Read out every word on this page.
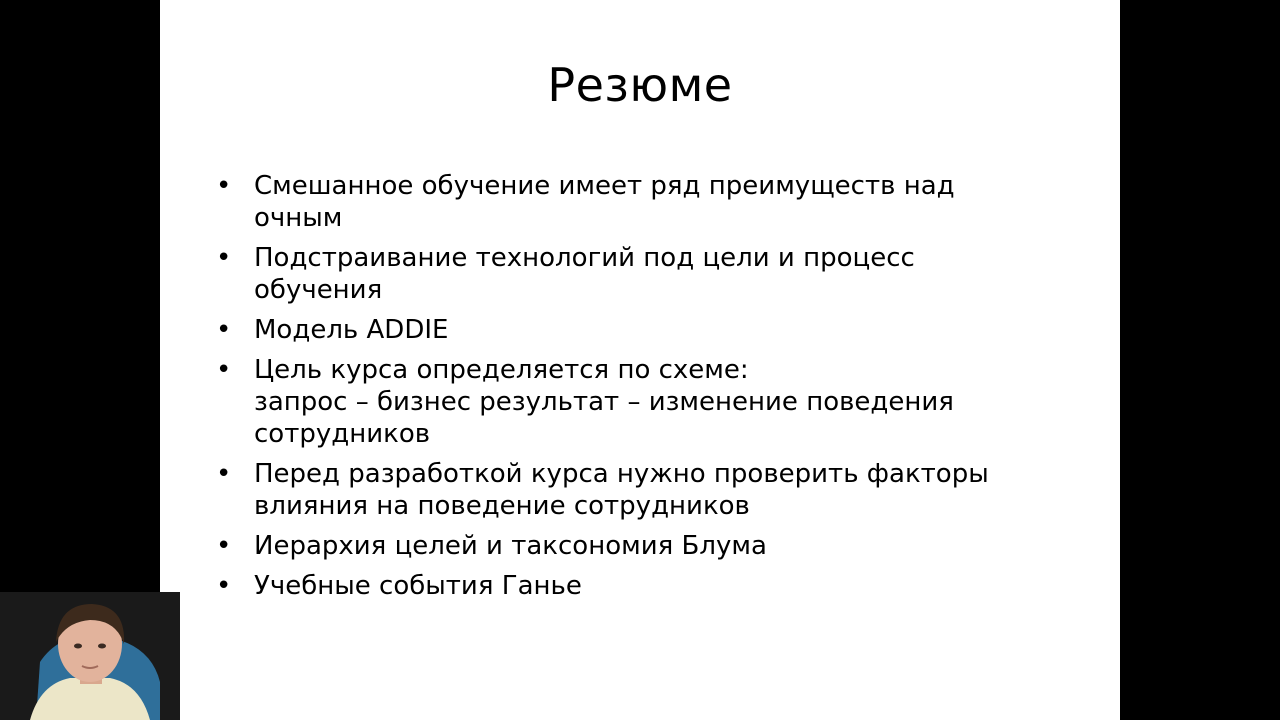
Резюме
• Смешанное обучение имеет ряд преимуществ над
очным
• Подстраивание технологий под цели и процесс
обучения
• Модель ADDIE
• Цель курса определяется по схеме:
запрос – бизнес результат – изменение поведения
сотрудников
• Перед разработкой курса нужно проверить факторы
влияния на поведение сотрудников
• Иерархия целей и таксономия Блума
• Учебные события Ганье
